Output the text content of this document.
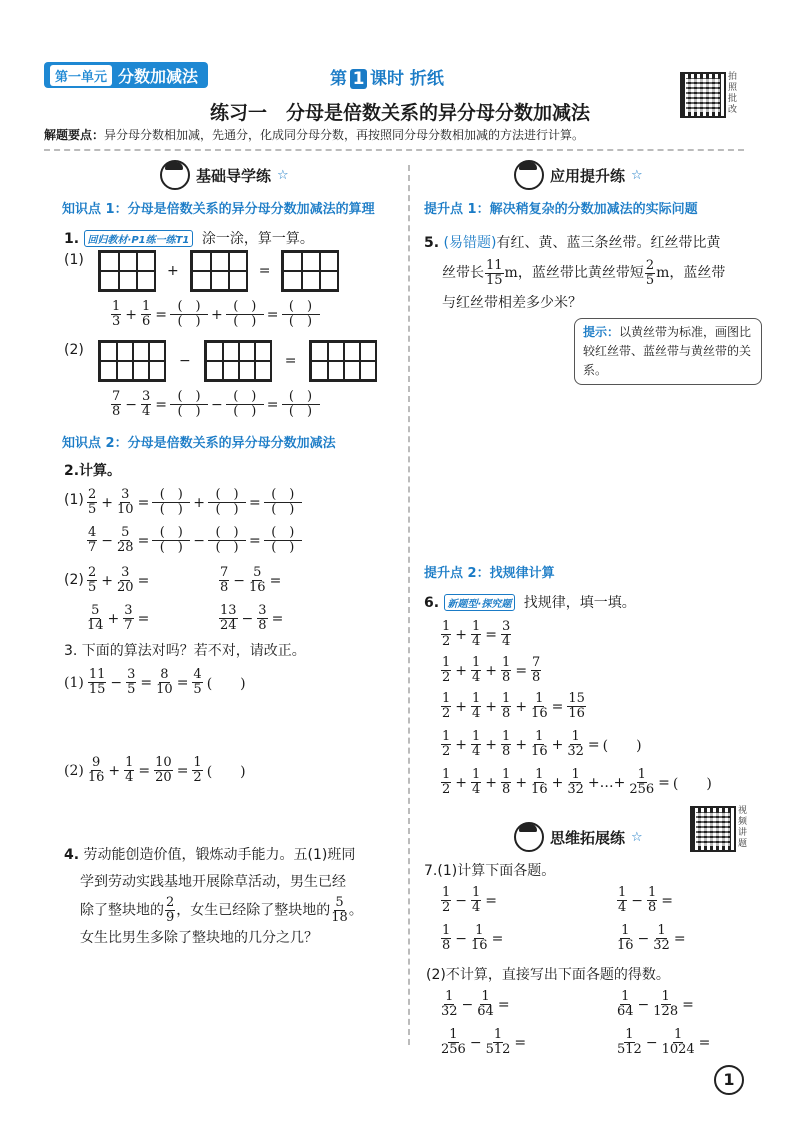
第一单元 分数加减法	第 1 课时 折纸	拍照批改
练习一　分母是倍数关系的异分母分数加减法
解题要点：异分母分数相加减，先通分，化成同分母分数，再按照同分母分数相加减的方法进行计算。
基础导学练 ☆
知识点 1：分母是倍数关系的异分母分数加减法的算理
1. 回归教材·P1练一练T1 涂一涂，算一算。
(1)
+	=
$\frac{1}{3} + \frac{1}{6}$ = (　)
(　) + (　)
(　) = (　)
(　)
(2)
−	=
$\frac{7}{8} - \frac{3}{4}$ = (　)
(　) − (　)
(　) = (　)
(　)
知识点 2：分母是倍数关系的异分母分数加减法
2.计算。
$(1) \frac{2}{5} + \frac{3}{10}$ = (　)
(　) + (　)
(　) = (　)
(　)
$\frac{4}{7} - \frac{5}{28}$ = (　)
(　) − (　)
(　) = (　)
(　)
$(2) \frac{2}{5} + \frac{3}{20}$ =	$\frac{7}{8} - \frac{5}{16}$ =
$\frac{5}{14} + \frac{3}{7}$ =	$\frac{13}{24} - \frac{3}{8}$ =
3. 下面的算法对吗？若不对，请改正。
$(1) \frac{11}{15} - \frac{3}{5} = \frac{8}{10} = \frac{4}{5}$ (　　)
$(2) \frac{9}{16} + \frac{1}{4} = \frac{10}{20} = \frac{1}{2}$ (　　)
4. 劳动能创造价值，锻炼动手能力。五(1)班同
学到劳动实践基地开展除草活动，男生已经
除了整块地的 $\frac{2}{9}$ ，女生已经除了整块地的 $\frac{5}{18}$ 。
女生比男生多除了整块地的几分之几？
应用提升练 ☆
提升点 1：解决稍复杂的分数加减法的实际问题
5. (易错题)有红、黄、蓝三条丝带。红丝带比黄
丝带长 $\frac{11}{15}$ m，蓝丝带比黄丝带短 $\frac{2}{5}$ m，蓝丝带
与红丝带相差多少米？
提示：以黄丝带为标准，画图比较红丝带、蓝丝带与黄丝带的关系。
提升点 2：找规律计算
6. 新题型·探究题 找规律，填一填。
$\frac{1}{2} + \frac{1}{4} = \frac{3}{4}$
$\frac{1}{2} + \frac{1}{4} + \frac{1}{8} = \frac{7}{8}$
$\frac{1}{2} + \frac{1}{4} + \frac{1}{8} + \frac{1}{16} = \frac{15}{16}$
$\frac{1}{2} + \frac{1}{4} + \frac{1}{8} + \frac{1}{16} + \frac{1}{32}$ = (　　)
$\frac{1}{2} + \frac{1}{4} + \frac{1}{8} + \frac{1}{16} + \frac{1}{32}$ +…+ $\frac{1}{256}$ = (　　)
视频讲题
思维拓展练 ☆
7.(1)计算下面各题。
$\frac{1}{2} - \frac{1}{4}$ =	$\frac{1}{4} - \frac{1}{8}$ =
$\frac{1}{8} - \frac{1}{16}$ =	$\frac{1}{16} - \frac{1}{32}$ =
(2)不计算，直接写出下面各题的得数。
$\frac{1}{32} - \frac{1}{64}$ =	$\frac{1}{64} - \frac{1}{128}$ =
$\frac{1}{256} - \frac{1}{512}$ =	$\frac{1}{512} - \frac{1}{1024}$ =
1
